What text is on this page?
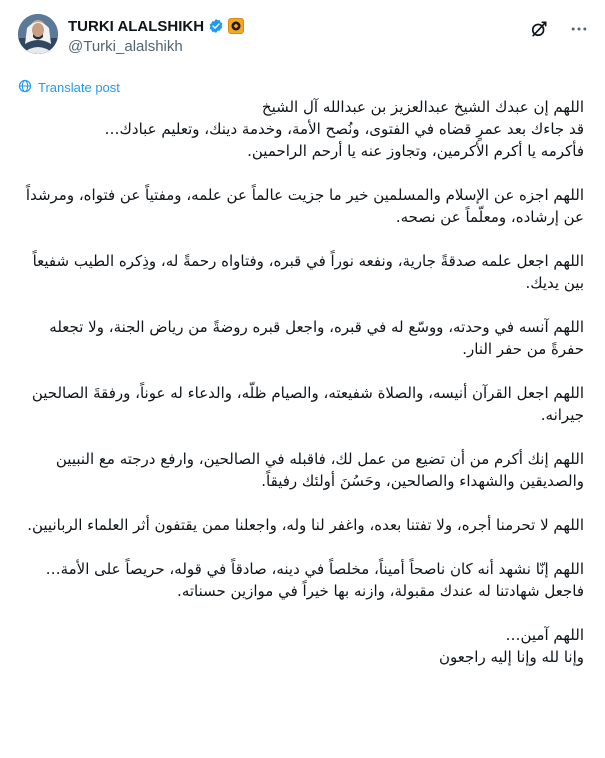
TURKI ALALSHIKH
@Turki_alalshikh
Translate post

اللهم إن عبدك الشيخ عبدالعزيز بن عبدالله آل الشيخ
قد جاءك بعد عمرٍ قضاه في الفتوى، ونُصح الأمة، وخدمة دينك، وتعليم عبادك…
فأكرمه يا أكرم الأكرمين، وتجاوز عنه يا أرحم الراحمين.

اللهم اجزه عن الإسلام والمسلمين خير ما جزيت عالماً عن علمه، ومفتياً عن فتواه، ومرشداً عن إرشاده، ومعلّماً عن نصحه.

اللهم اجعل علمه صدقةً جارية، ونفعه نوراً في قبره، وفتاواه رحمةً له، وذِكره الطيب شفيعاً بين يديك.

اللهم آنسه في وحدته، ووسّع له في قبره، واجعل قبره روضةً من رياض الجنة، ولا تجعله حفرةً من حفر النار.

اللهم اجعل القرآن أنيسه، والصلاة شفيعته، والصيام ظلّه، والدعاء له عوناً، ورفقةَ الصالحين جيرانه.

اللهم إنك أكرم من أن تضيع من عمل لك، فاقبله في الصالحين، وارفع درجته مع النبيين والصديقين والشهداء والصالحين، وحَسُنَ أولئك رفيقاً.

اللهم لا تحرمنا أجره، ولا تفتنا بعده، واغفر لنا وله، واجعلنا ممن يقتفون أثر العلماء الربانيين.

اللهم إنّا نشهد أنه كان ناصحاً أميناً، مخلصاً في دينه، صادقاً في قوله، حريصاً على الأمة… فاجعل شهادتنا له عندك مقبولة، وازنه بها خيراً في موازين حسناته.

اللهم آمين…
وإنا لله وإنا إليه راجعون
